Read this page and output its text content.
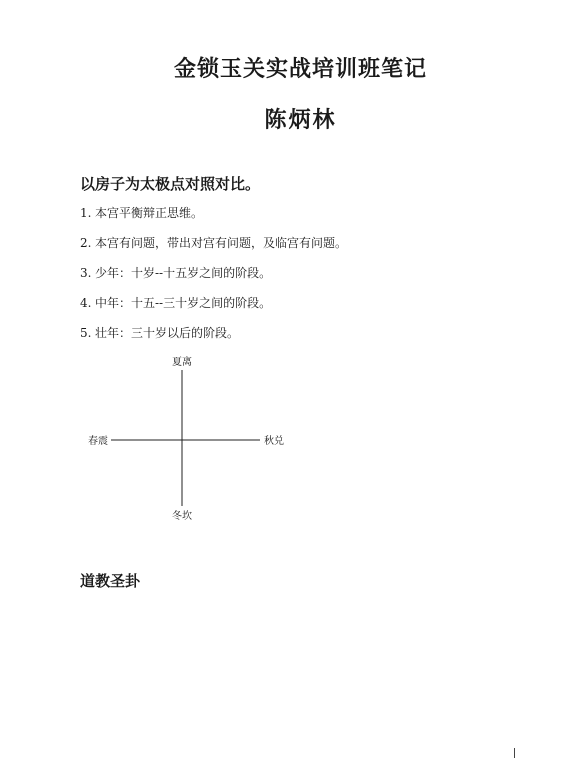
金锁玉关实战培训班笔记
陈炳林
以房子为太极点对照对比。
1. 本宫平衡辩正思维。
2. 本宫有问题，带出对宫有问题，及临宫有问题。
3. 少年：十岁--十五岁之间的阶段。
4. 中年：十五--三十岁之间的阶段。
5. 壮年：三十岁以后的阶段。
夏离
冬坎
春震	秋兑
道教圣卦
